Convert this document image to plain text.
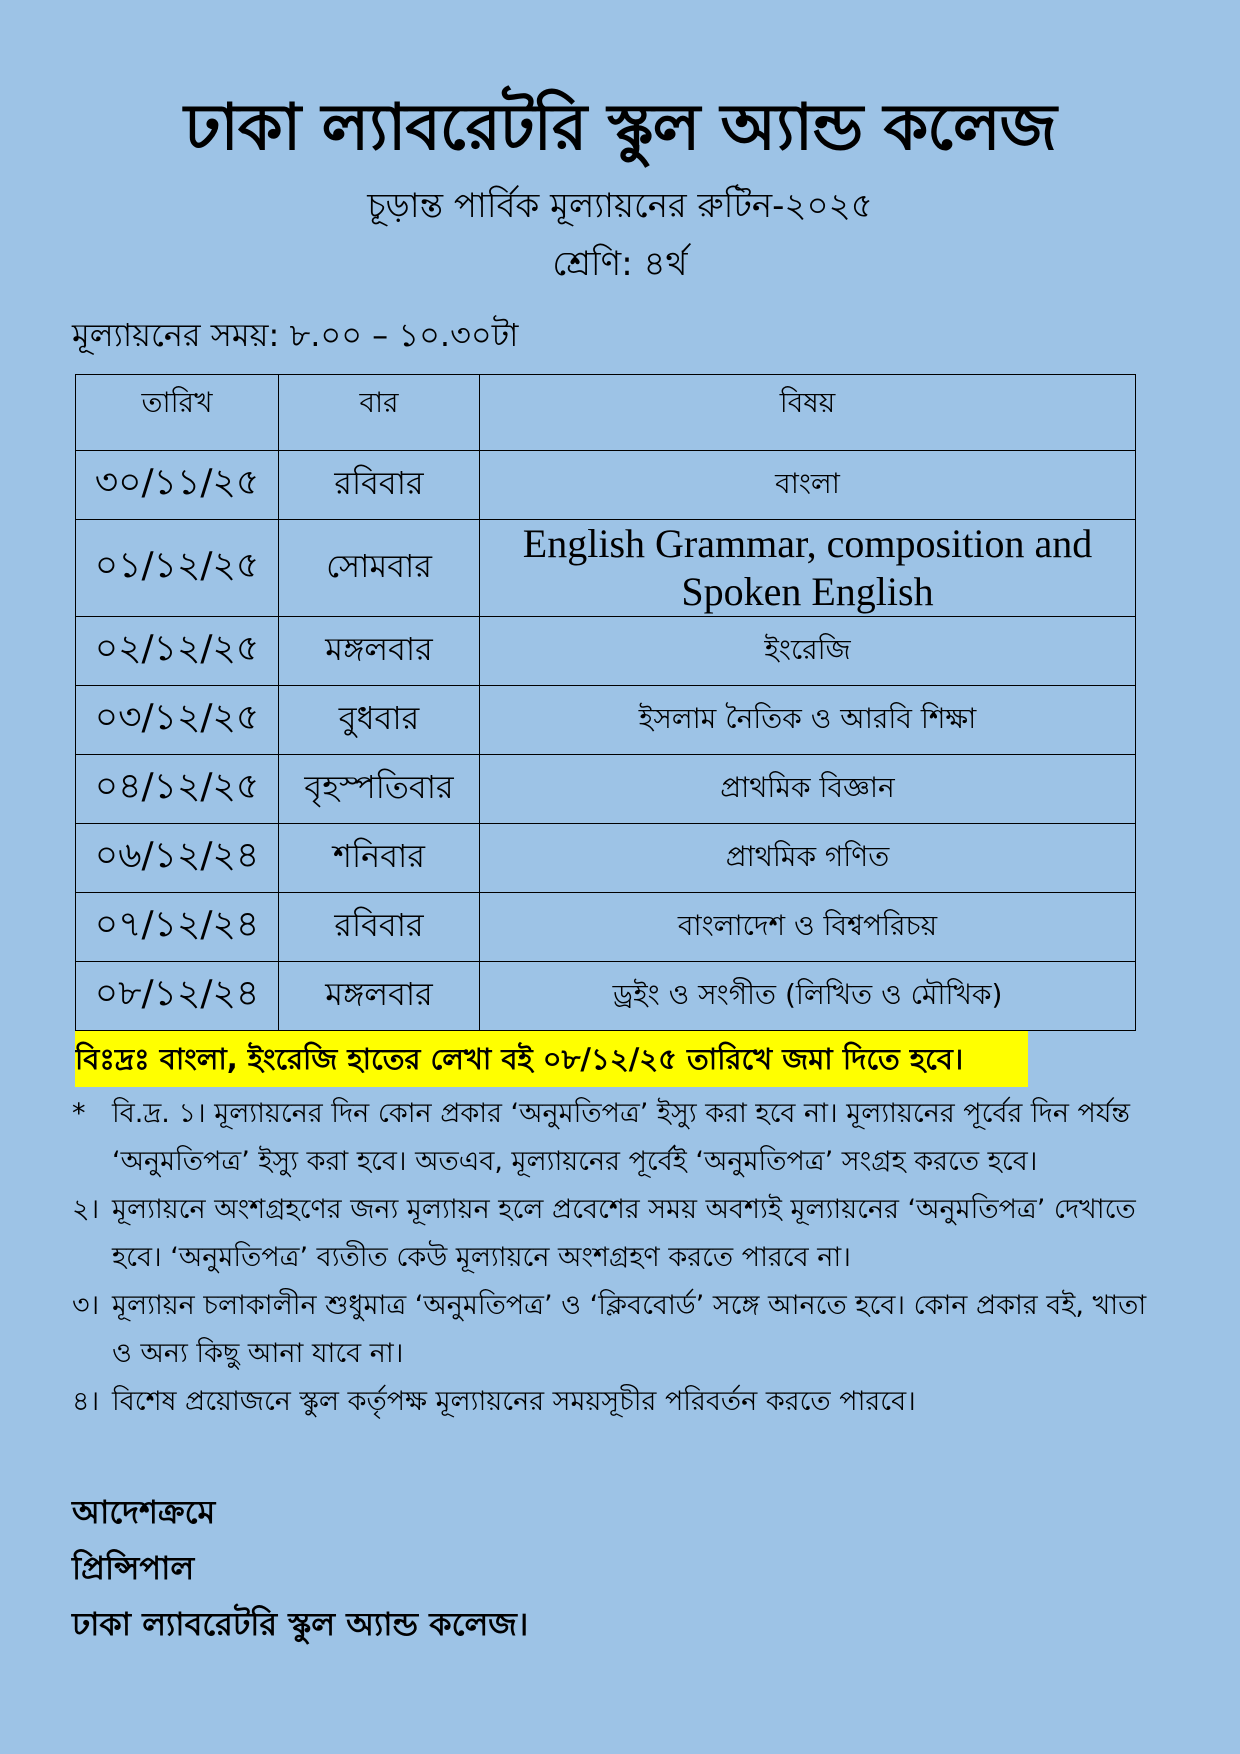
ঢাকা ল্যাবরেটরি স্কুল অ্যান্ড কলেজ
চূড়ান্ত পার্বিক মূল্যায়নের রুটিন-২০২৫
শ্রেণি: ৪র্থ
মূল্যায়নের সময়: ৮.০০ – ১০.৩০টা
তারিখ	বার	বিষয়
৩০/১১/২৫	রবিবার	বাংলা
০১/১২/২৫	সোমবার	English Grammar, composition and Spoken English
০২/১২/২৫	মঙ্গলবার	ইংরেজি
০৩/১২/২৫	বুধবার	ইসলাম নৈতিক ও আরবি শিক্ষা
০৪/১২/২৫	বৃহস্পতিবার	প্রাথমিক বিজ্ঞান
০৬/১২/২৪	শনিবার	প্রাথমিক গণিত
০৭/১২/২৪	রবিবার	বাংলাদেশ ও বিশ্বপরিচয়
০৮/১২/২৪	মঙ্গলবার	ড্রইং ও সংগীত (লিখিত ও মৌখিক)
বিঃদ্রঃ বাংলা, ইংরেজি হাতের লেখা বই ০৮/১২/২৫ তারিখে জমা দিতে হবে।
* বি.দ্র. ১। মূল্যায়নের দিন কোন প্রকার ‘অনুমতিপত্র’ ইস্যু করা হবে না। মূল্যায়নের পূর্বের দিন পর্যন্ত ‘অনুমতিপত্র’ ইস্যু করা হবে। অতএব, মূল্যায়নের পূর্বেই ‘অনুমতিপত্র’ সংগ্রহ করতে হবে।
২। মূল্যায়নে অংশগ্রহণের জন্য মূল্যায়ন হলে প্রবেশের সময় অবশ্যই মূল্যায়নের ‘অনুমতিপত্র’ দেখাতে হবে। ‘অনুমতিপত্র’ ব্যতীত কেউ মূল্যায়নে অংশগ্রহণ করতে পারবে না।
৩। মূল্যায়ন চলাকালীন শুধুমাত্র ‘অনুমতিপত্র’ ও ‘ক্লিববোর্ড’ সঙ্গে আনতে হবে। কোন প্রকার বই, খাতা ও অন্য কিছু আনা যাবে না।
৪। বিশেষ প্রয়োজনে স্কুল কর্তৃপক্ষ মূল্যায়নের সময়সূচীর পরিবর্তন করতে পারবে।
আদেশক্রমে
প্রিন্সিপাল
ঢাকা ল্যাবরেটরি স্কুল অ্যান্ড কলেজ।
